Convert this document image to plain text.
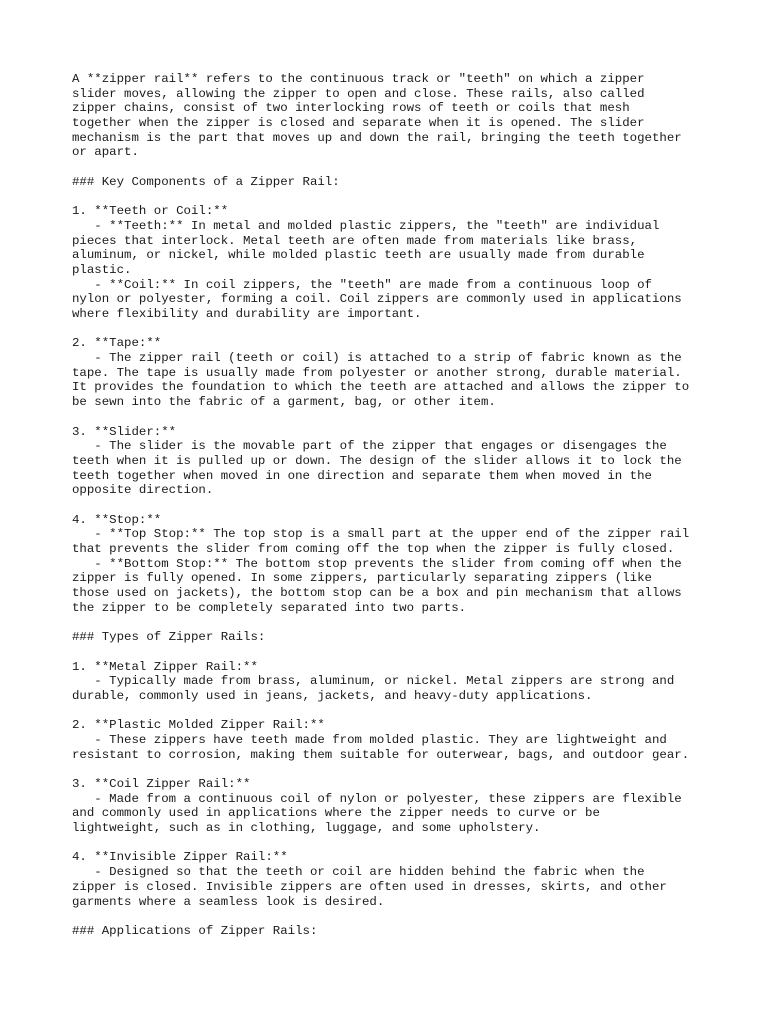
A **zipper rail** refers to the continuous track or "teeth" on which a zipper
slider moves, allowing the zipper to open and close. These rails, also called
zipper chains, consist of two interlocking rows of teeth or coils that mesh
together when the zipper is closed and separate when it is opened. The slider
mechanism is the part that moves up and down the rail, bringing the teeth together
or apart.
### Key Components of a Zipper Rail:
1. **Teeth or Coil:**
- **Teeth:** In metal and molded plastic zippers, the "teeth" are individual
pieces that interlock. Metal teeth are often made from materials like brass,
aluminum, or nickel, while molded plastic teeth are usually made from durable
plastic.
- **Coil:** In coil zippers, the "teeth" are made from a continuous loop of
nylon or polyester, forming a coil. Coil zippers are commonly used in applications
where flexibility and durability are important.
2. **Tape:**
- The zipper rail (teeth or coil) is attached to a strip of fabric known as the
tape. The tape is usually made from polyester or another strong, durable material.
It provides the foundation to which the teeth are attached and allows the zipper to
be sewn into the fabric of a garment, bag, or other item.
3. **Slider:**
- The slider is the movable part of the zipper that engages or disengages the
teeth when it is pulled up or down. The design of the slider allows it to lock the
teeth together when moved in one direction and separate them when moved in the
opposite direction.
4. **Stop:**
- **Top Stop:** The top stop is a small part at the upper end of the zipper rail
that prevents the slider from coming off the top when the zipper is fully closed.
- **Bottom Stop:** The bottom stop prevents the slider from coming off when the
zipper is fully opened. In some zippers, particularly separating zippers (like
those used on jackets), the bottom stop can be a box and pin mechanism that allows
the zipper to be completely separated into two parts.
### Types of Zipper Rails:
1. **Metal Zipper Rail:**
- Typically made from brass, aluminum, or nickel. Metal zippers are strong and
durable, commonly used in jeans, jackets, and heavy-duty applications.
2. **Plastic Molded Zipper Rail:**
- These zippers have teeth made from molded plastic. They are lightweight and
resistant to corrosion, making them suitable for outerwear, bags, and outdoor gear.
3. **Coil Zipper Rail:**
- Made from a continuous coil of nylon or polyester, these zippers are flexible
and commonly used in applications where the zipper needs to curve or be
lightweight, such as in clothing, luggage, and some upholstery.
4. **Invisible Zipper Rail:**
- Designed so that the teeth or coil are hidden behind the fabric when the
zipper is closed. Invisible zippers are often used in dresses, skirts, and other
garments where a seamless look is desired.
### Applications of Zipper Rails:
